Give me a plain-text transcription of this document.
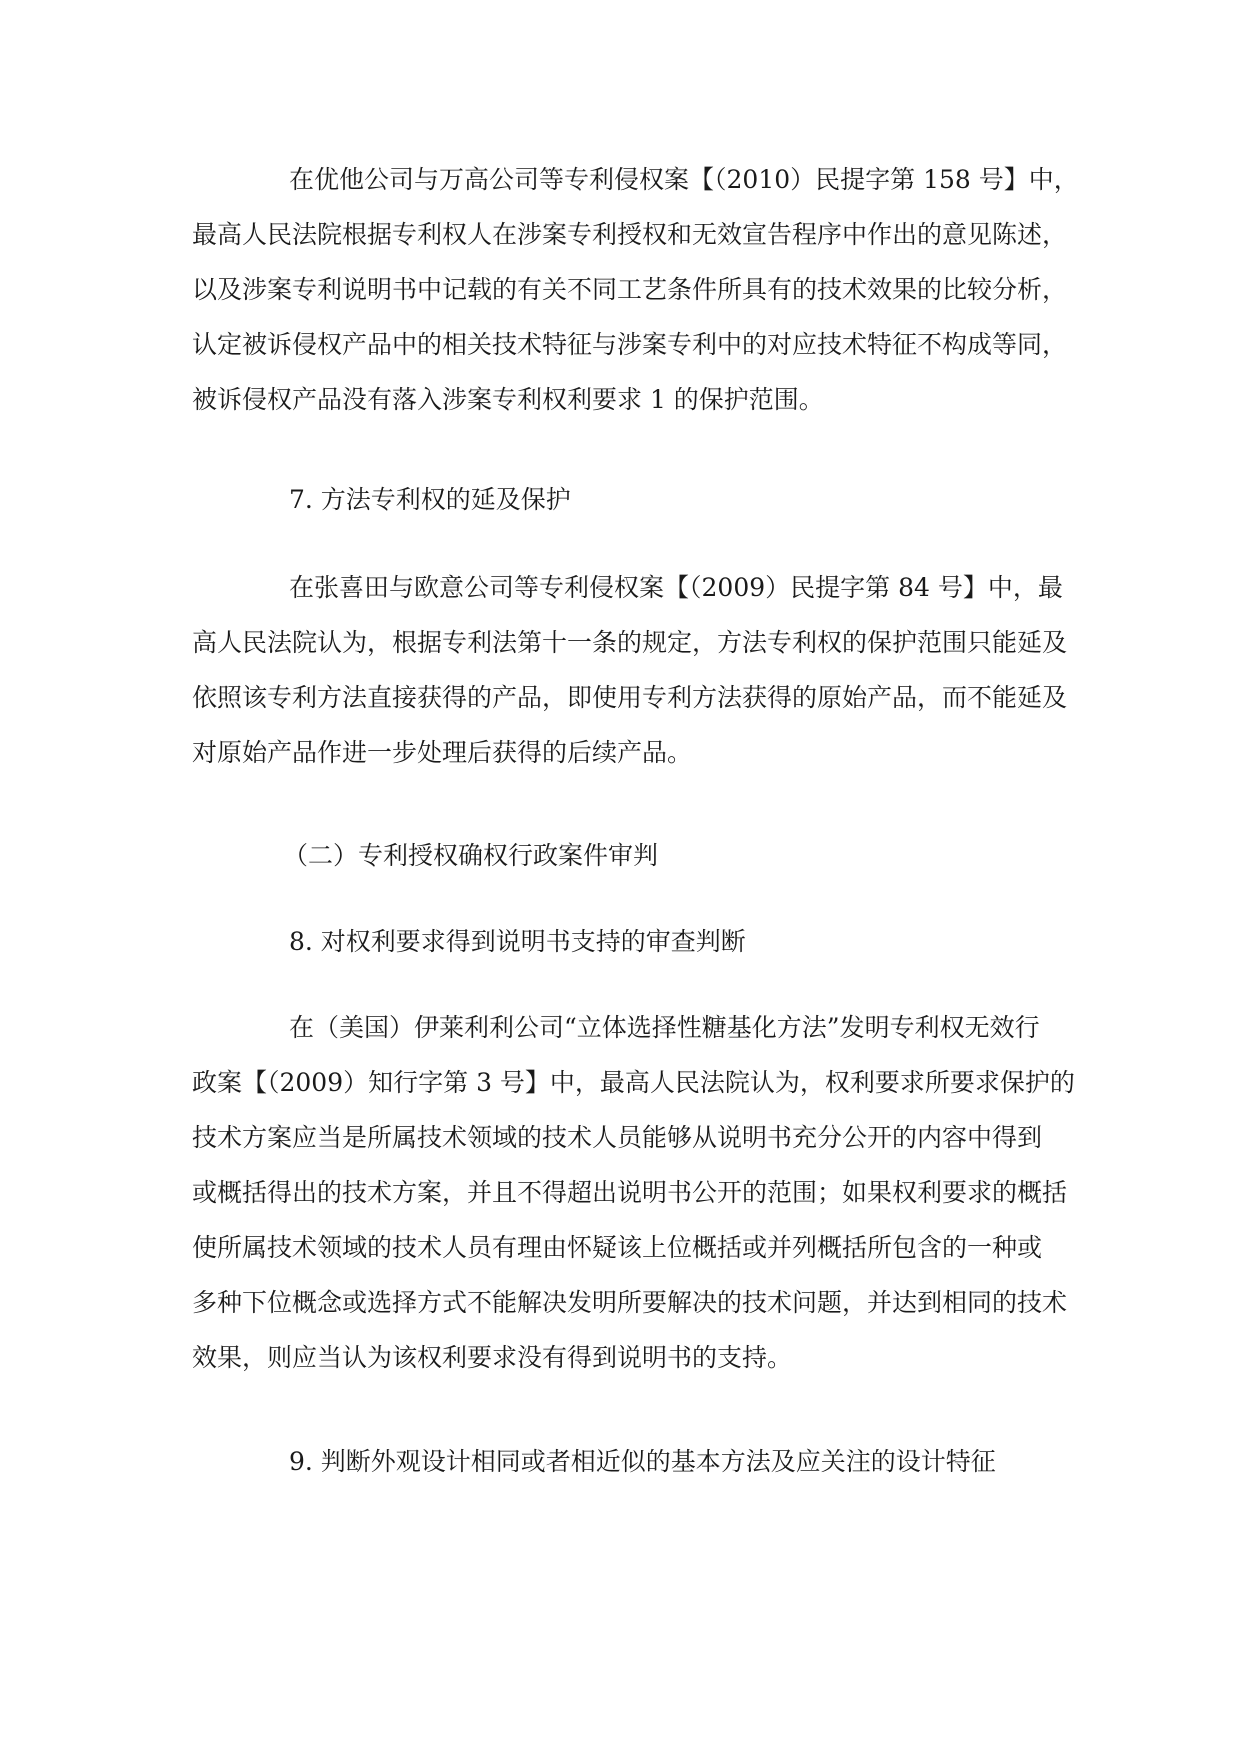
在优他公司与万高公司等专利侵权案【（2010）民提字第 158 号】中，
最高人民法院根据专利权人在涉案专利授权和无效宣告程序中作出的意见陈述，
以及涉案专利说明书中记载的有关不同工艺条件所具有的技术效果的比较分析，
认定被诉侵权产品中的相关技术特征与涉案专利中的对应技术特征不构成等同，
被诉侵权产品没有落入涉案专利权利要求 1 的保护范围。
7. 方法专利权的延及保护
在张喜田与欧意公司等专利侵权案【（2009）民提字第 84 号】中，最
高人民法院认为，根据专利法第十一条的规定，方法专利权的保护范围只能延及
依照该专利方法直接获得的产品，即使用专利方法获得的原始产品，而不能延及
对原始产品作进一步处理后获得的后续产品。
（二）专利授权确权行政案件审判
8. 对权利要求得到说明书支持的审查判断
在（美国）伊莱利利公司“立体选择性糖基化方法”发明专利权无效行
政案【（2009）知行字第 3 号】中，最高人民法院认为，权利要求所要求保护的
技术方案应当是所属技术领域的技术人员能够从说明书充分公开的内容中得到
或概括得出的技术方案，并且不得超出说明书公开的范围；如果权利要求的概括
使所属技术领域的技术人员有理由怀疑该上位概括或并列概括所包含的一种或
多种下位概念或选择方式不能解决发明所要解决的技术问题，并达到相同的技术
效果，则应当认为该权利要求没有得到说明书的支持。
9. 判断外观设计相同或者相近似的基本方法及应关注的设计特征
